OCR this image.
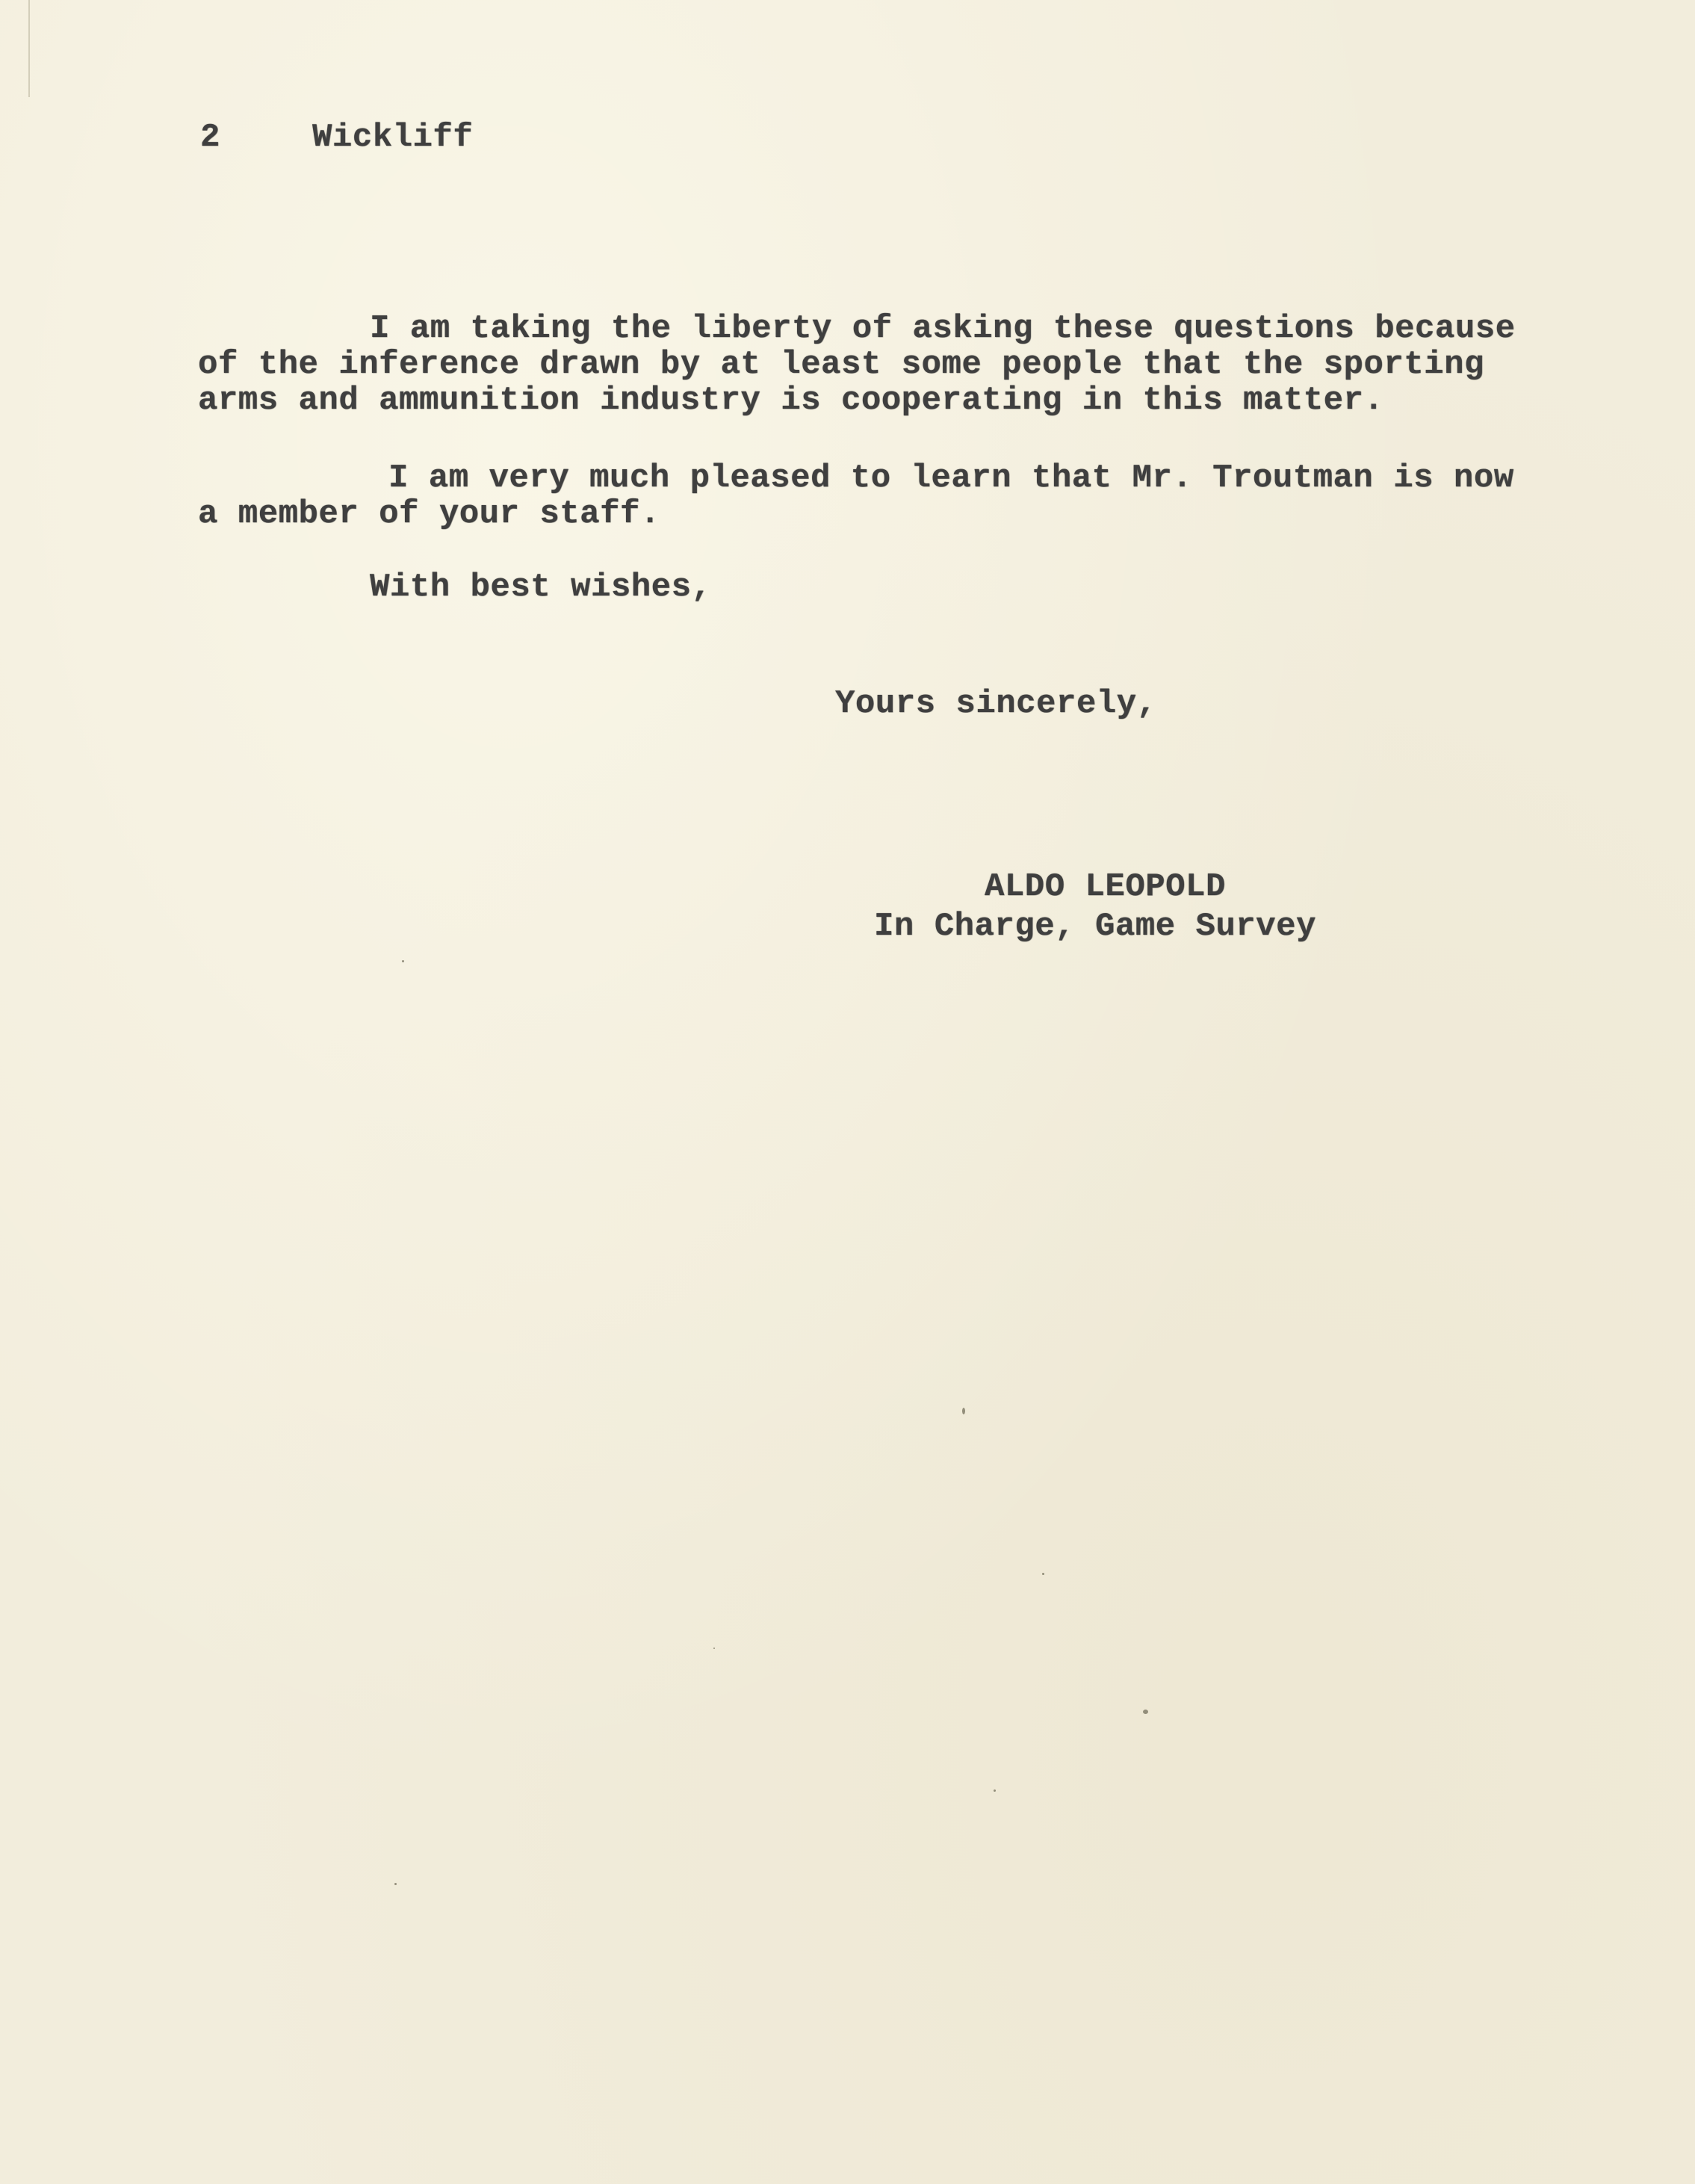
2	Wickliff

I am taking the liberty of asking these questions because

of the inference drawn by at least some people that the sporting

arms and ammunition industry is cooperating in this matter.

I am very much pleased to learn that Mr. Troutman is now

a member of your staff.

With best wishes,

Yours sincerely,

ALDO LEOPOLD

In Charge, Game Survey
